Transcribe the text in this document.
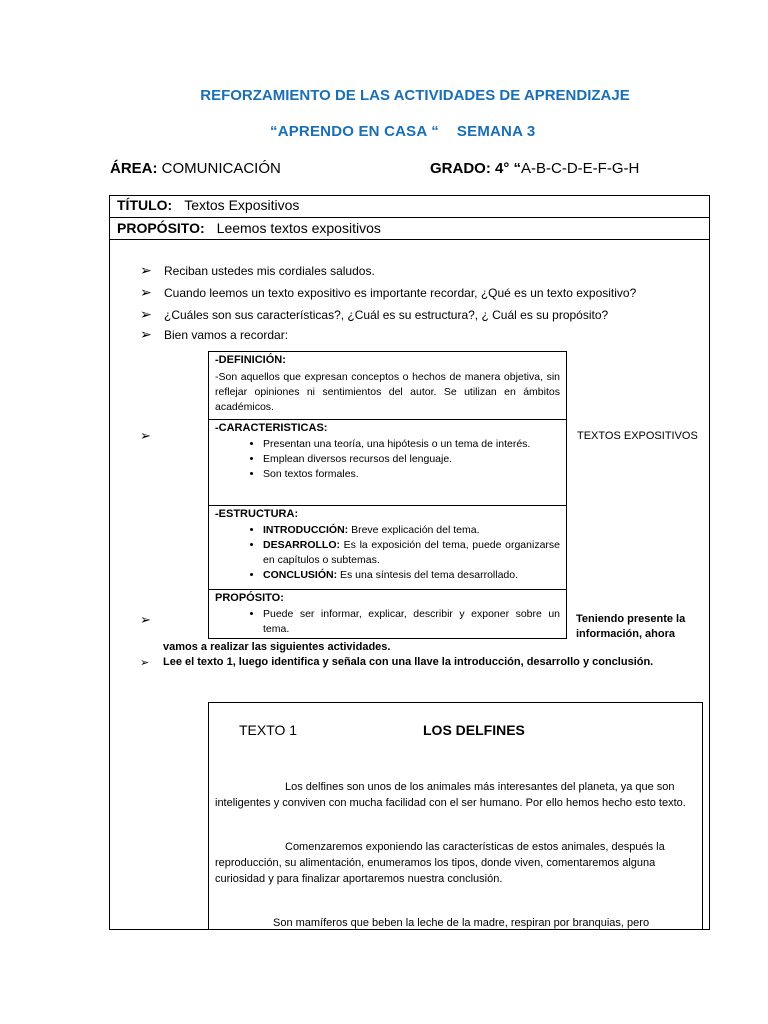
REFORZAMIENTO DE LAS ACTIVIDADES DE APRENDIZAJE
“APRENDO EN CASA “ SEMANA 3
ÁREA: COMUNICACIÓN	GRADO: 4° “A-B-C-D-E-F-G-H
TÍTULO: Textos Expositivos
PROPÓSITO: Leemos textos expositivos
➢ Reciban ustedes mis cordiales saludos.
➢ Cuando leemos un texto expositivo es importante recordar, ¿Qué es un texto expositivo?
➢ ¿Cuáles son sus características?, ¿Cuál es su estructura?, ¿ Cuál es su propósito?
➢ Bien vamos a recordar:
-DEFINICIÓN:
-Son aquellos que expresan conceptos o hechos de manera objetiva, sin reflejar opiniones ni sentimientos del autor. Se utilizan en ámbitos académicos.
-CARACTERISTICAS:
• Presentan una teoría, una hipótesis o un tema de interés.
• Emplean diversos recursos del lenguaje.
• Son textos formales.
-ESTRUCTURA:
• INTRODUCCIÓN: Breve explicación del tema.
• DESARROLLO: Es la exposición del tema, puede organizarse en capítulos o subtemas.
• CONCLUSIÓN: Es una síntesis del tema desarrollado.
PROPÓSITO:
• Puede ser informar, explicar, describir y exponer sobre un tema.
➢
➢
➢
TEXTOS EXPOSITIVOS
Teniendo presente la información, ahora
vamos a realizar las siguientes actividades.
Lee el texto 1, luego identifica y señala con una llave la introducción, desarrollo y conclusión.
TEXTO 1	LOS DELFINES
Los delfines son unos de los animales más interesantes del planeta, ya que son inteligentes y conviven con mucha facilidad con el ser humano. Por ello hemos hecho esto texto.
Comenzaremos exponiendo las características de estos animales, después la reproducción, su alimentación, enumeramos los tipos, donde viven, comentaremos alguna curiosidad y para finalizar aportaremos nuestra conclusión.
Son mamíferos que beben la leche de la madre, respiran por branquias, pero
